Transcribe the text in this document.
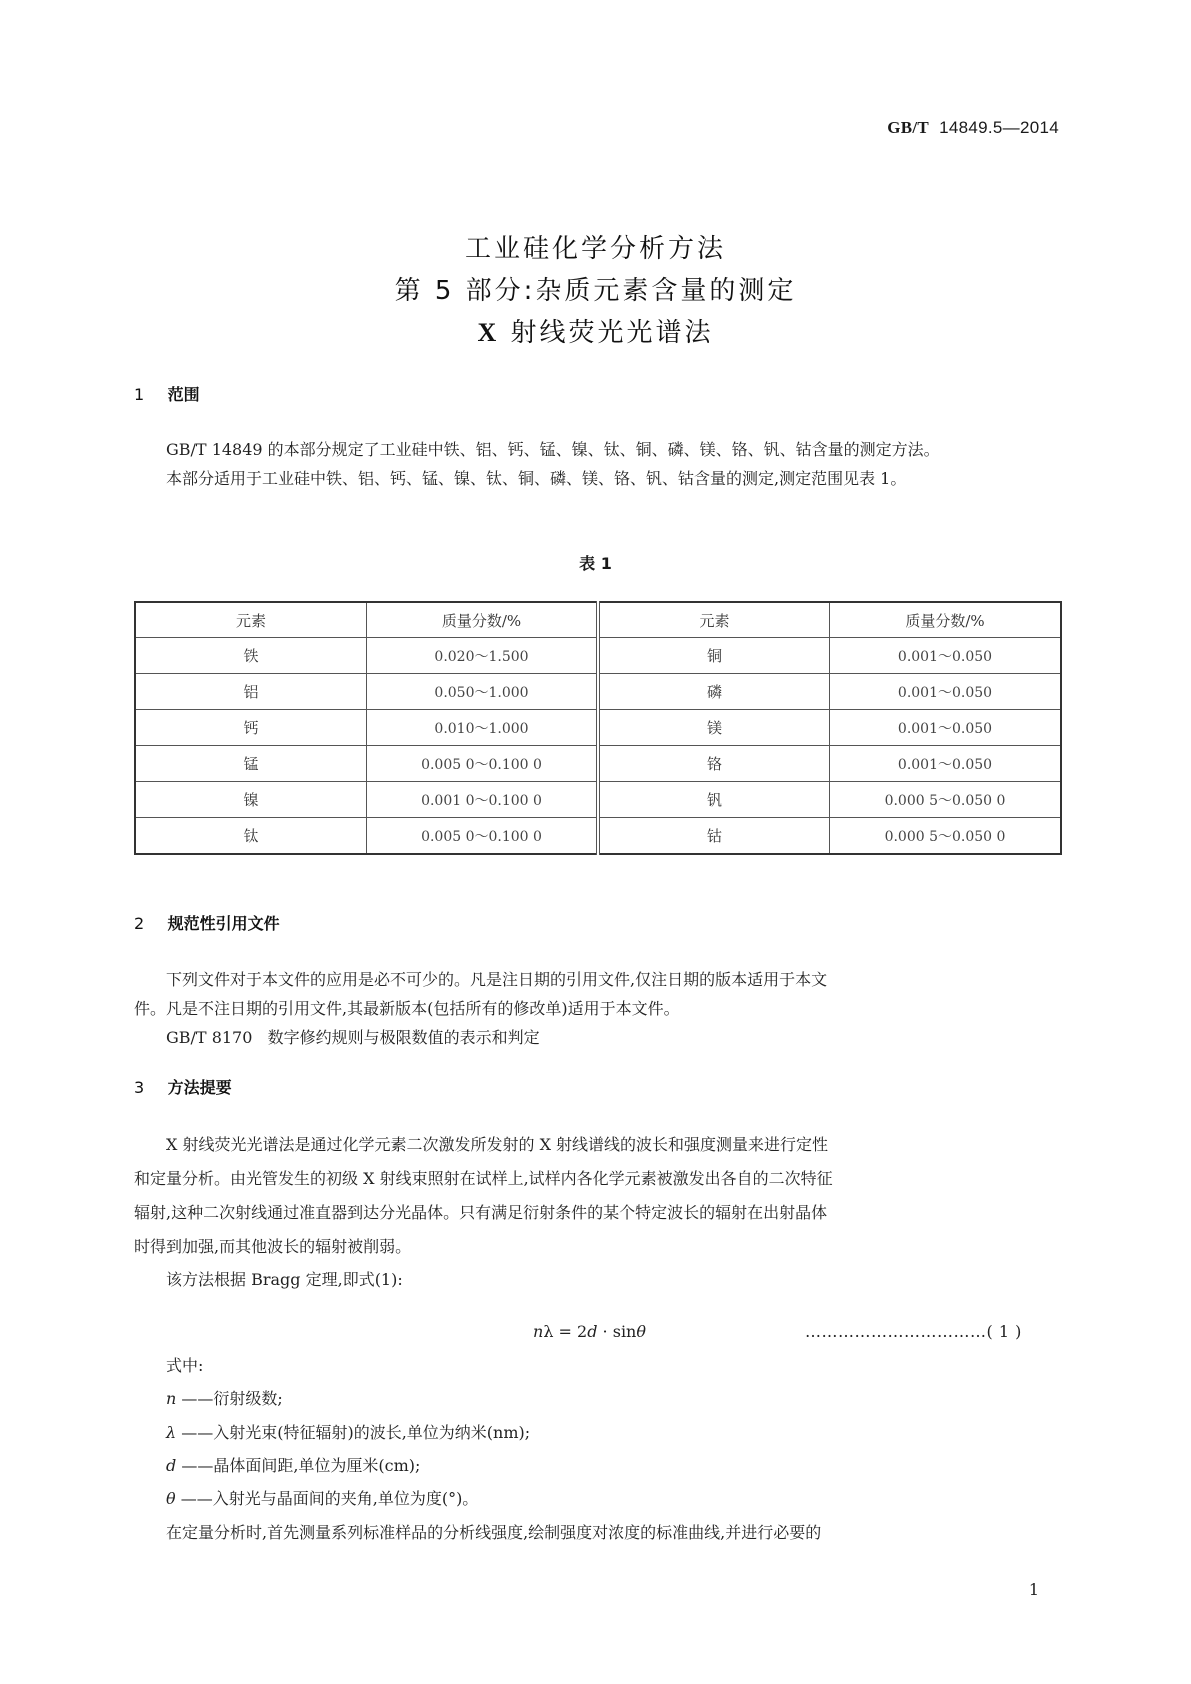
GB/T 14849.5—2014
工业硅化学分析方法
第 5 部分:杂质元素含量的测定
X 射线荧光光谱法
1 范围
GB/T 14849 的本部分规定了工业硅中铁、铝、钙、锰、镍、钛、铜、磷、镁、铬、钒、钴含量的测定方法。
本部分适用于工业硅中铁、铝、钙、锰、镍、钛、铜、磷、镁、铬、钒、钴含量的测定,测定范围见表 1。
表 1
元素	质量分数/%	元素	质量分数/%
铁	0.020～1.500	铜	0.001～0.050
铝	0.050～1.000	磷	0.001～0.050
钙	0.010～1.000	镁	0.001～0.050
锰	0.005 0～0.100 0	铬	0.001～0.050
镍	0.001 0～0.100 0	钒	0.000 5～0.050 0
钛	0.005 0～0.100 0	钴	0.000 5～0.050 0
2 规范性引用文件
下列文件对于本文件的应用是必不可少的。凡是注日期的引用文件,仅注日期的版本适用于本文
件。凡是不注日期的引用文件,其最新版本(包括所有的修改单)适用于本文件。
GB/T 8170 数字修约规则与极限数值的表示和判定
3 方法提要
X 射线荧光光谱法是通过化学元素二次激发所发射的 X 射线谱线的波长和强度测量来进行定性
和定量分析。由光管发生的初级 X 射线束照射在试样上,试样内各化学元素被激发出各自的二次特征
辐射,这种二次射线通过准直器到达分光晶体。只有满足衍射条件的某个特定波长的辐射在出射晶体
时得到加强,而其他波长的辐射被削弱。
该方法根据 Bragg 定理,即式(1):
nλ = 2d · sinθ	……………………………( 1 )
式中:
n ——衍射级数;
λ ——入射光束(特征辐射)的波长,单位为纳米(nm);
d ——晶体面间距,单位为厘米(cm);
θ ——入射光与晶面间的夹角,单位为度(°)。
在定量分析时,首先测量系列标准样品的分析线强度,绘制强度对浓度的标准曲线,并进行必要的
1
